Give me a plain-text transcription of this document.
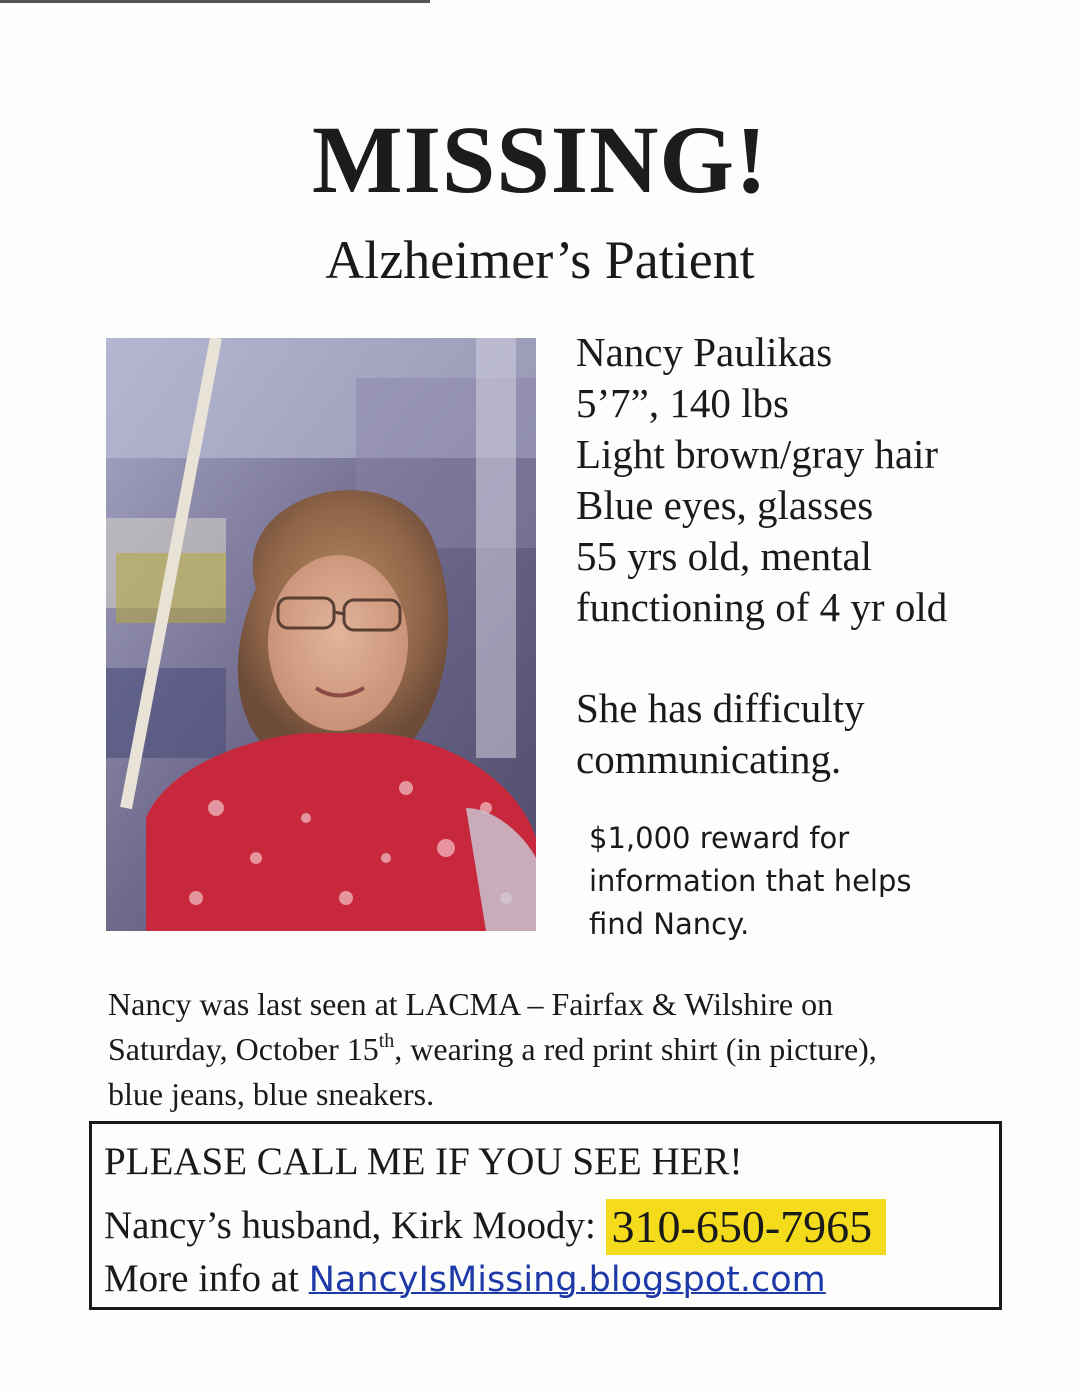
MISSING!
Alzheimer’s Patient
Nancy Paulikas
5’7”, 140 lbs
Light brown/gray hair
Blue eyes, glasses
55 yrs old, mental
functioning of 4 yr old
She has difficulty
communicating.
$1,000 reward for
information that helps
find Nancy.
Nancy was last seen at LACMA – Fairfax & Wilshire on
Saturday, October 15th, wearing a red print shirt (in picture),
blue jeans, blue sneakers.
PLEASE CALL ME IF YOU SEE HER!
Nancy’s husband, Kirk Moody: 310-650-7965
More info at NancyIsMissing.blogspot.com
